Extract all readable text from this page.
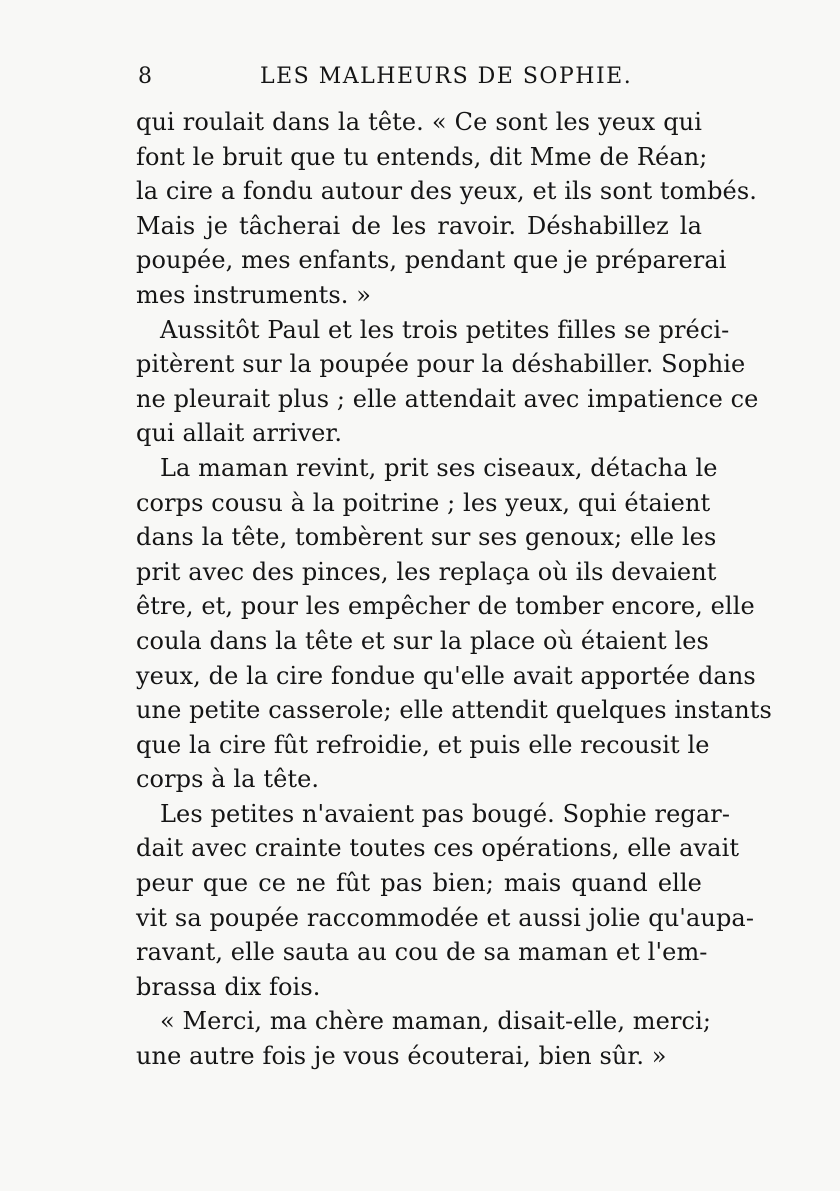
8	LES MALHEURS DE SOPHIE.
qui roulait dans la tête. « Ce sont les yeux qui
font le bruit que tu entends, dit Mme de Réan;
la cire a fondu autour des yeux, et ils sont tombés.
Mais je tâcherai de les ravoir. Déshabillez la
poupée, mes enfants, pendant que je préparerai
mes instruments. »
Aussitôt Paul et les trois petites filles se préci-
pitèrent sur la poupée pour la déshabiller. Sophie
ne pleurait plus ; elle attendait avec impatience ce
qui allait arriver.
La maman revint, prit ses ciseaux, détacha le
corps cousu à la poitrine ; les yeux, qui étaient
dans la tête, tombèrent sur ses genoux; elle les
prit avec des pinces, les replaça où ils devaient
être, et, pour les empêcher de tomber encore, elle
coula dans la tête et sur la place où étaient les
yeux, de la cire fondue qu'elle avait apportée dans
une petite casserole; elle attendit quelques instants
que la cire fût refroidie, et puis elle recousit le
corps à la tête.
Les petites n'avaient pas bougé. Sophie regar-
dait avec crainte toutes ces opérations, elle avait
peur que ce ne fût pas bien; mais quand elle
vit sa poupée raccommodée et aussi jolie qu'aupa-
ravant, elle sauta au cou de sa maman et l'em-
brassa dix fois.
« Merci, ma chère maman, disait-elle, merci;
une autre fois je vous écouterai, bien sûr. »
